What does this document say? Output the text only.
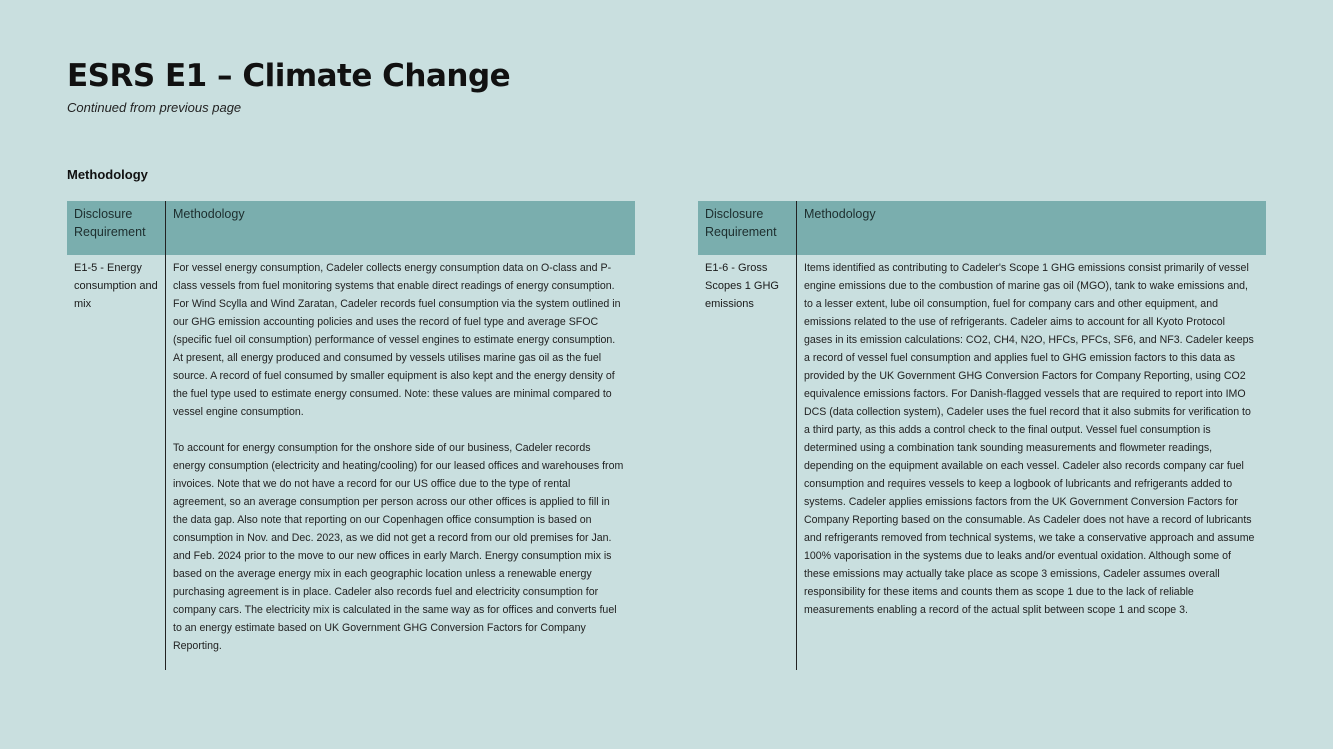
ESRS E1 – Climate Change
Continued from previous page
Methodology
Disclosure Requirement
Methodology
E1-5 - Energy consumption and mix

For vessel energy consumption, Cadeler collects energy consumption data on O-class and P-class vessels from fuel monitoring systems that enable direct readings of energy consumption. For Wind Scylla and Wind Zaratan, Cadeler records fuel consumption via the system outlined in our GHG emission accounting policies and uses the record of fuel type and average SFOC (specific fuel oil consumption) performance of vessel engines to estimate energy consumption. At present, all energy produced and consumed by vessels utilises marine gas oil as the fuel source. A record of fuel consumed by smaller equipment is also kept and the energy density of the fuel type used to estimate energy consumed. Note: these values are minimal compared to vessel engine consumption.

To account for energy consumption for the onshore side of our business, Cadeler records energy consumption (electricity and heating/cooling) for our leased offices and warehouses from invoices. Note that we do not have a record for our US office due to the type of rental agreement, so an average consumption per person across our other offices is applied to fill in the data gap. Also note that reporting on our Copenhagen office consumption is based on consumption in Nov. and Dec. 2023, as we did not get a record from our old premises for Jan. and Feb. 2024 prior to the move to our new offices in early March. Energy consumption mix is based on the average energy mix in each geographic location unless a renewable energy purchasing agreement is in place. Cadeler also records fuel and electricity consumption for company cars. The electricity mix is calculated in the same way as for offices and converts fuel to an energy estimate based on UK Government GHG Conversion Factors for Company Reporting.

Disclosure Requirement
Methodology
E1-6 - Gross Scopes 1 GHG emissions

Items identified as contributing to Cadeler's Scope 1 GHG emissions consist primarily of vessel engine emissions due to the combustion of marine gas oil (MGO), tank to wake emissions and, to a lesser extent, lube oil consumption, fuel for company cars and other equipment, and emissions related to the use of refrigerants. Cadeler aims to account for all Kyoto Protocol gases in its emission calculations: CO2, CH4, N2O, HFCs, PFCs, SF6, and NF3. Cadeler keeps a record of vessel fuel consumption and applies fuel to GHG emission factors to this data as provided by the UK Government GHG Conversion Factors for Company Reporting, using CO2 equivalence emissions factors. For Danish-flagged vessels that are required to report into IMO DCS (data collection system), Cadeler uses the fuel record that it also submits for verification to a third party, as this adds a control check to the final output. Vessel fuel consumption is determined using a combination tank sounding measurements and flowmeter readings, depending on the equipment available on each vessel. Cadeler also records company car fuel consumption and requires vessels to keep a logbook of lubricants and refrigerants added to systems. Cadeler applies emissions factors from the UK Government Conversion Factors for Company Reporting based on the consumable. As Cadeler does not have a record of lubricants and refrigerants removed from technical systems, we take a conservative approach and assume 100% vaporisation in the systems due to leaks and/or eventual oxidation. Although some of these emissions may actually take place as scope 3 emissions, Cadeler assumes overall responsibility for these items and counts them as scope 1 due to the lack of reliable measurements enabling a record of the actual split between scope 1 and scope 3.
